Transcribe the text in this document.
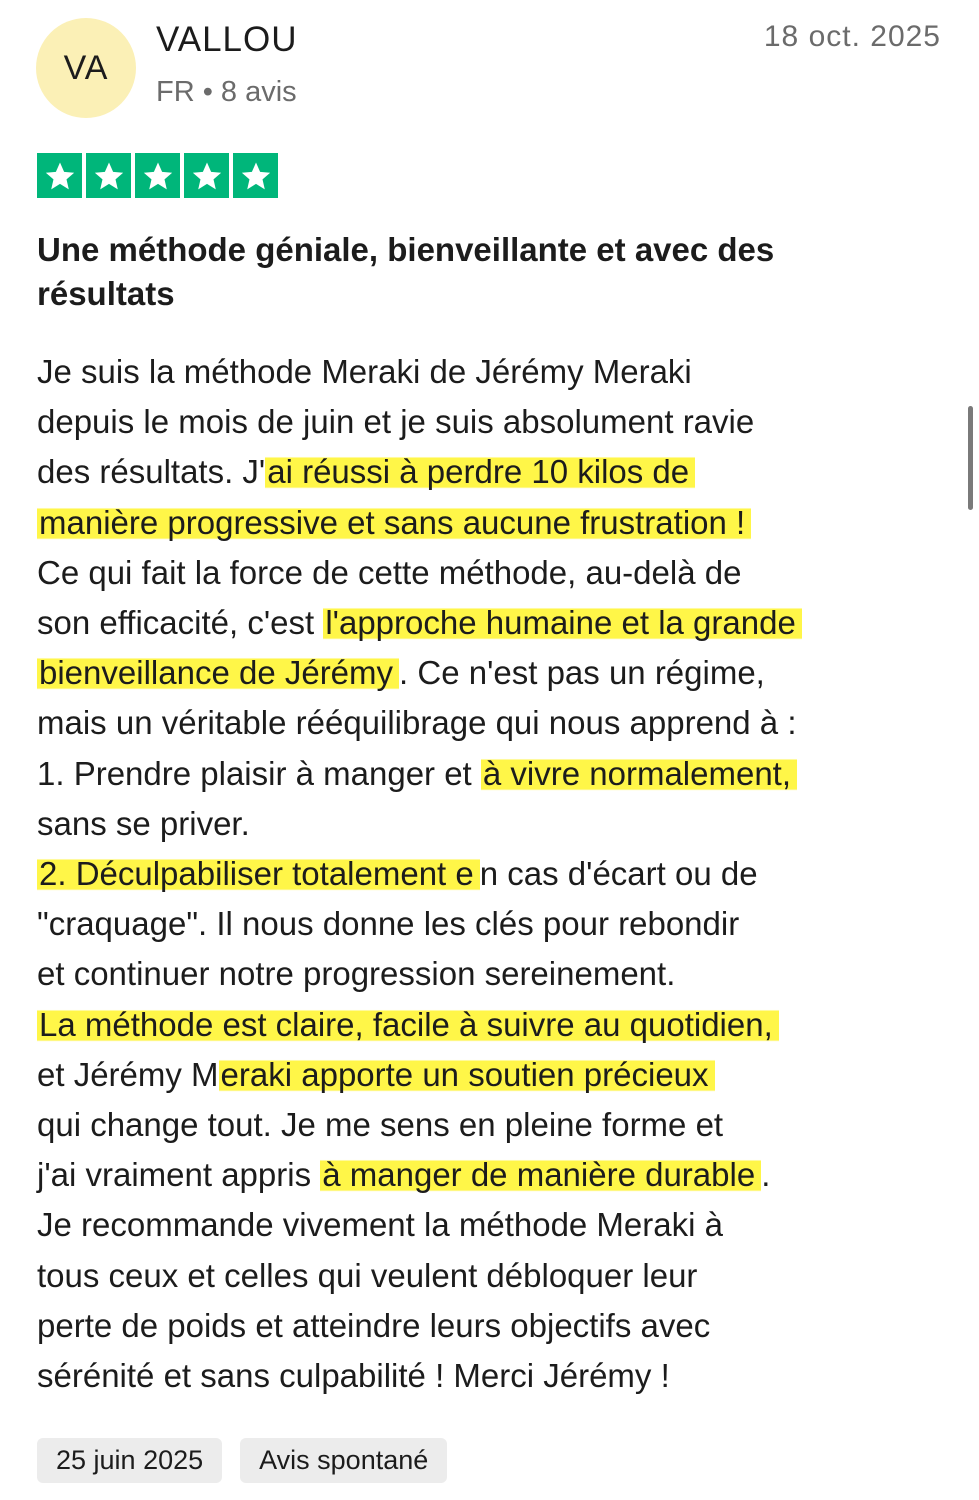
VA
VALLOU
FR • 8 avis
18 oct. 2025
Une méthode géniale, bienveillante et avec des résultats

Je suis la méthode Meraki de Jérémy Meraki

depuis le mois de juin et je suis absolument ravie

des résultats. J'ai réussi à perdre 10 kilos de

manière progressive et sans aucune frustration !

Ce qui fait la force de cette méthode, au-delà de

son efficacité, c'est l'approche humaine et la grande

bienveillance de Jérémy . Ce n'est pas un régime,

mais un véritable rééquilibrage qui nous apprend à :

1. Prendre plaisir à manger et à vivre normalement,

sans se priver.

2. Déculpabiliser totalement e n cas d'écart ou de

"craquage". Il nous donne les clés pour rebondir

et continuer notre progression sereinement.

La méthode est claire, facile à suivre au quotidien,

et Jérémy Meraki apporte un soutien précieux

qui change tout. Je me sens en pleine forme et

j'ai vraiment appris à manger de manière durable .

Je recommande vivement la méthode Meraki à

tous ceux et celles qui veulent débloquer leur

perte de poids et atteindre leurs objectifs avec

sérénité et sans culpabilité ! Merci Jérémy !

25 juin 2025	Avis spontané
